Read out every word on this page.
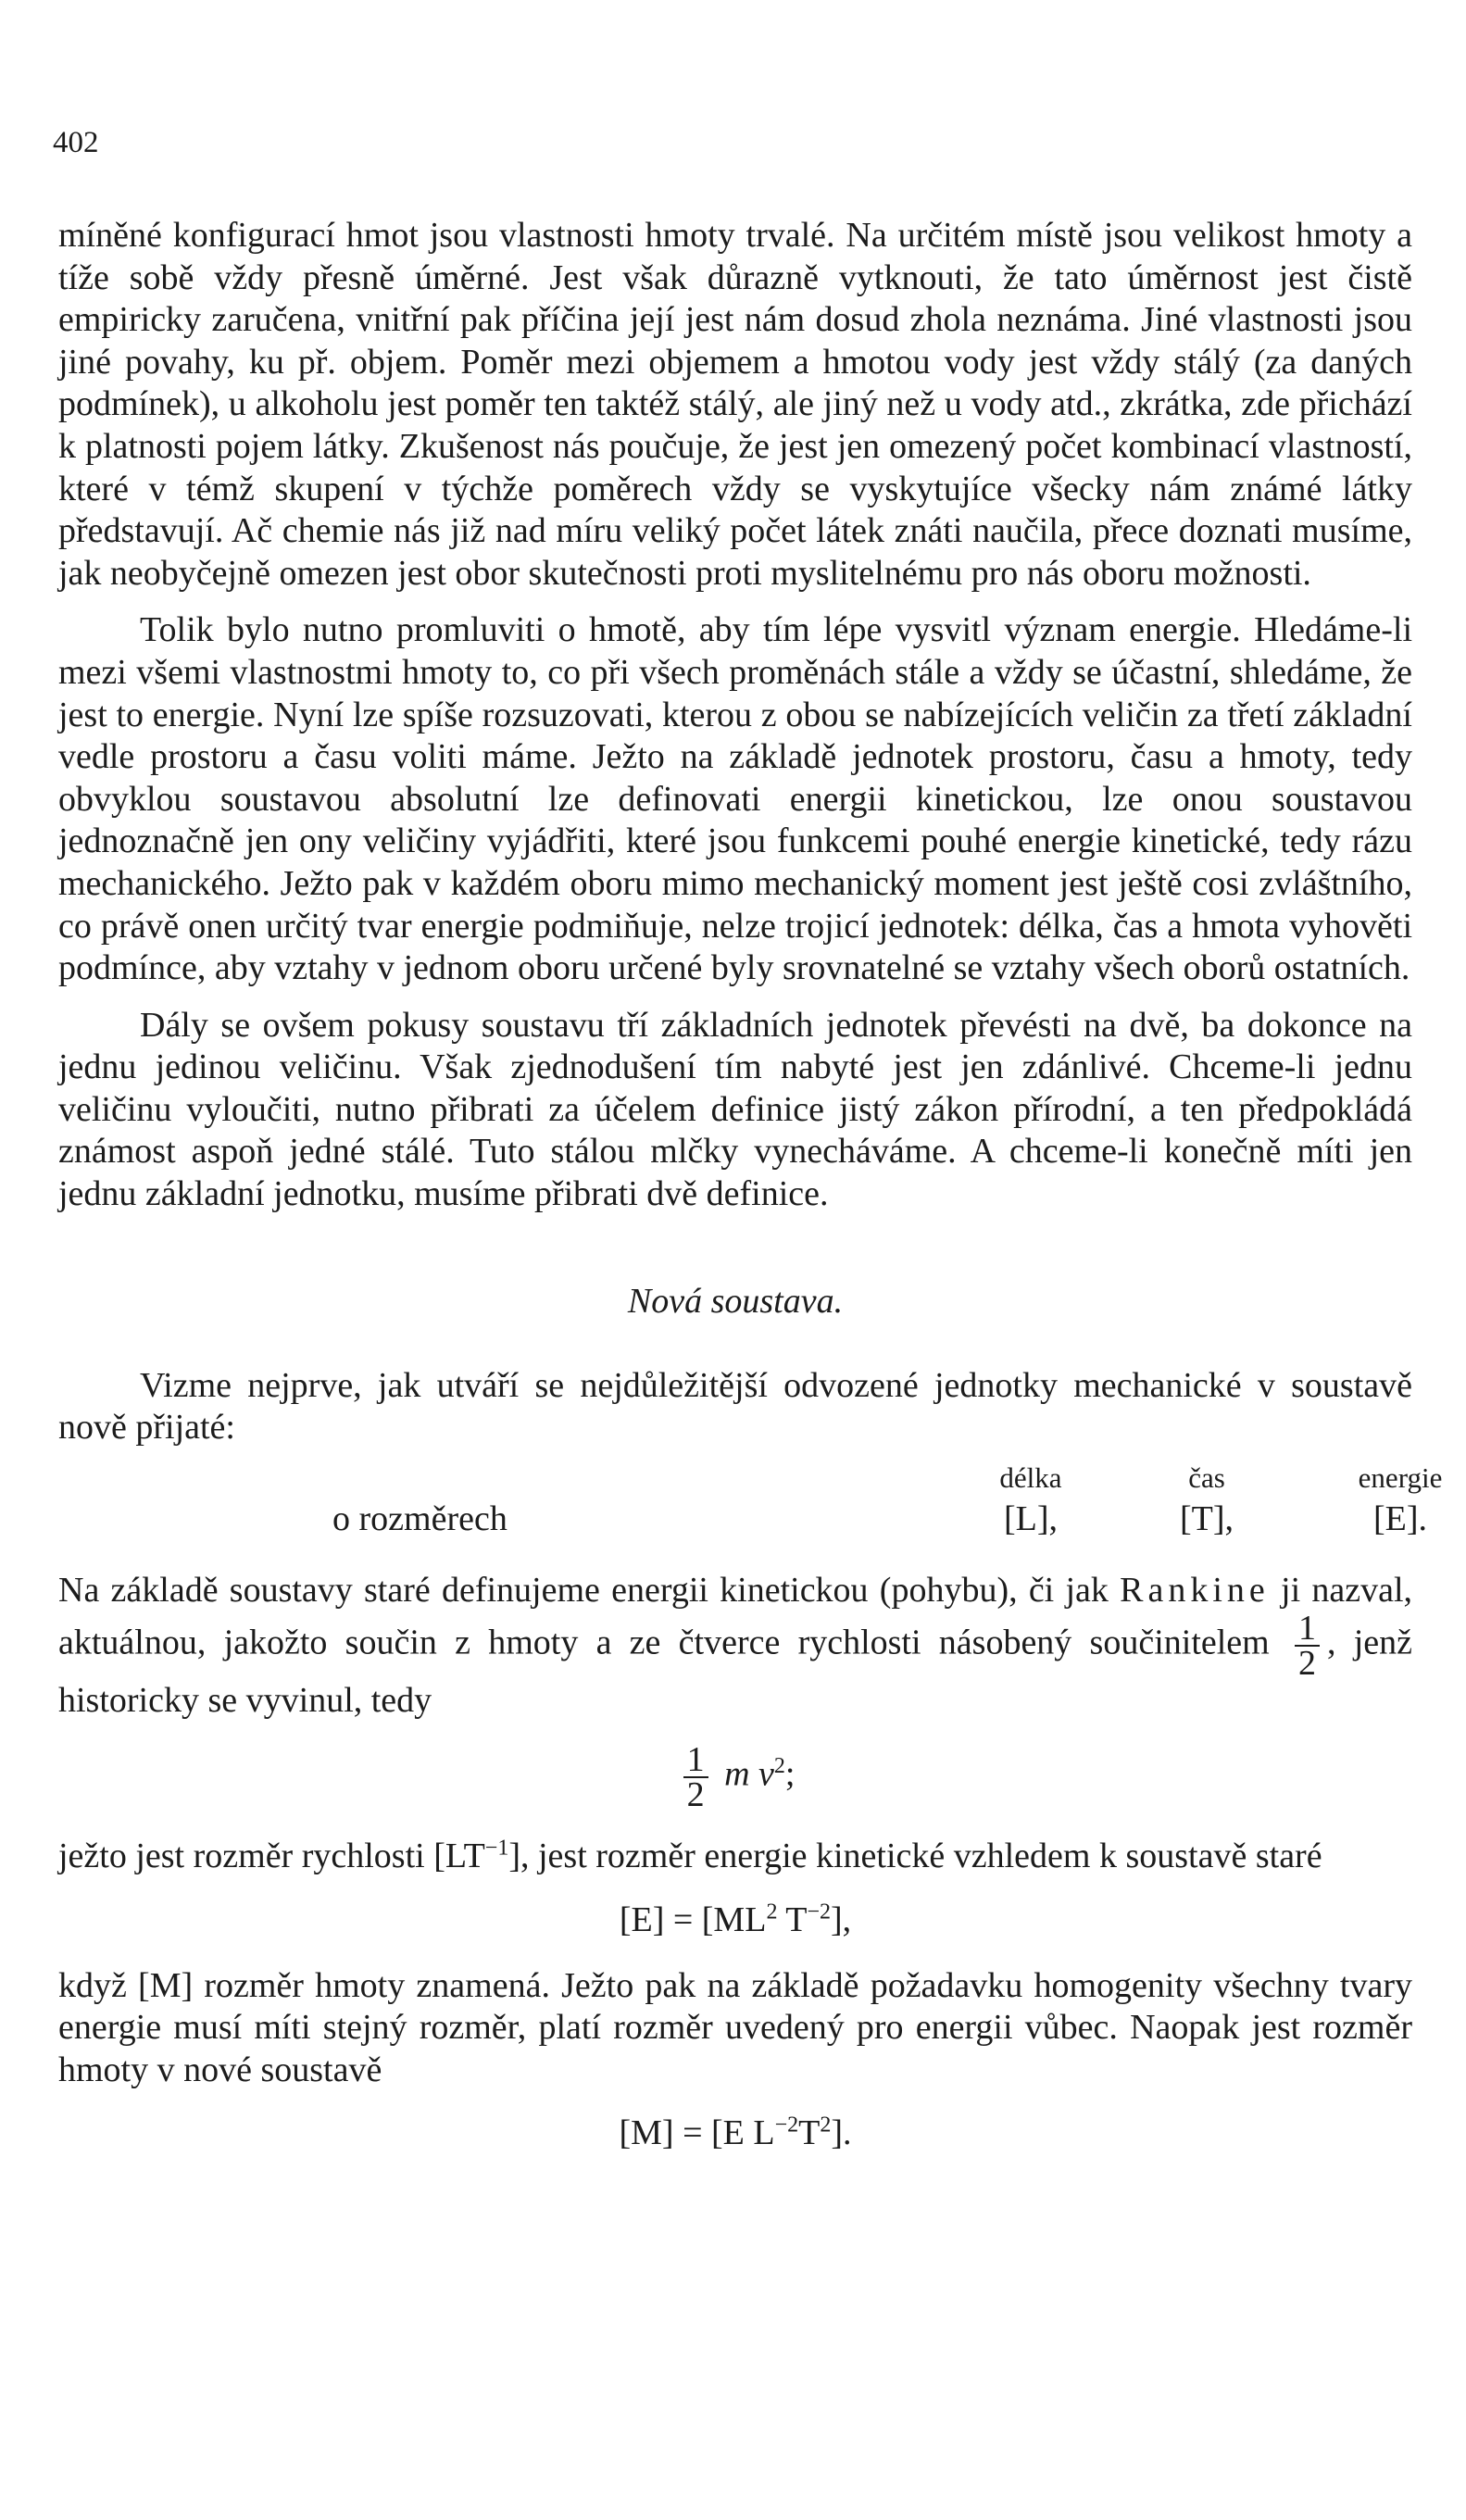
402

míněné konfigurací hmot jsou vlastnosti hmoty trvalé. Na určitém místě jsou velikost hmoty a tíže sobě vždy přesně úměrné. Jest však důrazně vytknouti, že tato úměrnost jest čistě empiricky zaručena, vnitřní pak příčina její jest nám dosud zhola neznáma. Jiné vlastnosti jsou jiné povahy, ku př. objem. Poměr mezi objemem a hmotou vody jest vždy stálý (za daných podmínek), u alkoholu jest poměr ten taktéž stálý, ale jiný než u vody atd., zkrátka, zde přichází k platnosti pojem látky. Zkušenost nás poučuje, že jest jen omezený počet kombinací vlastností, které v témž skupení v týchže poměrech vždy se vyskytujíce všecky nám známé látky představují. Ač chemie nás již nad míru veliký počet látek znáti naučila, přece doznati musíme, jak neobyčejně omezen jest obor skutečnosti proti myslitelnému pro nás oboru možnosti.

Tolik bylo nutno promluviti o hmotě, aby tím lépe vysvitl význam energie. Hledáme-li mezi všemi vlastnostmi hmoty to, co při všech proměnách stále a vždy se účastní, shledáme, že jest to energie. Nyní lze spíše rozsuzovati, kterou z obou se nabízejících veličin za třetí základní vedle prostoru a času voliti máme. Ježto na základě jednotek prostoru, času a hmoty, tedy obvyklou soustavou absolutní lze definovati energii kinetickou, lze onou soustavou jednoznačně jen ony veličiny vyjádřiti, které jsou funkcemi pouhé energie kinetické, tedy rázu mechanického. Ježto pak v každém oboru mimo mechanický moment jest ještě cosi zvláštního, co právě onen určitý tvar energie podmiňuje, nelze trojicí jednotek: délka, čas a hmota vyhověti podmínce, aby vztahy v jednom oboru určené byly srovnatelné se vztahy všech oborů ostatních.

Dály se ovšem pokusy soustavu tří základních jednotek převésti na dvě, ba dokonce na jednu jedinou veličinu. Však zjednodušení tím nabyté jest jen zdánlivé. Chceme-li jednu veličinu vyloučiti, nutno přibrati za účelem definice jistý zákon přírodní, a ten předpokládá známost aspoň jedné stálé. Tuto stálou mlčky vynecháváme. A chceme-li konečně míti jen jednu základní jednotku, musíme přibrati dvě definice.

Nová soustava.

Vizme nejprve, jak utváří se nejdůležitější odvozené jednotky mechanické v soustavě nově přijaté:

délka	čas	energie
o rozměrech	[L],	[T],	[E].

Na základě soustavy staré definujeme energii kinetickou (pohybu), či jak Rankine ji nazval, aktuálnou, jakožto součin z hmoty a ze čtverce rychlosti násobený součinitelem $\frac{1}{2}$ , jenž historicky se vyvinul, tedy

$\frac{1}{2}$ m $v^2$;

ježto jest rozměr rychlosti $[LT^{-1}]$, jest rozměr energie kinetické vzhledem k soustavě staré

$[E] = [ML^2$ $T^{-2}$],

když [M] rozměr hmoty znamená. Ježto pak na základě požadavku homogenity všechny tvary energie musí míti stejný rozměr, platí rozměr uvedený pro energii vůbec. Naopak jest rozměr hmoty v nové soustavě

[M] = [E $L^{-2}T^2$].
